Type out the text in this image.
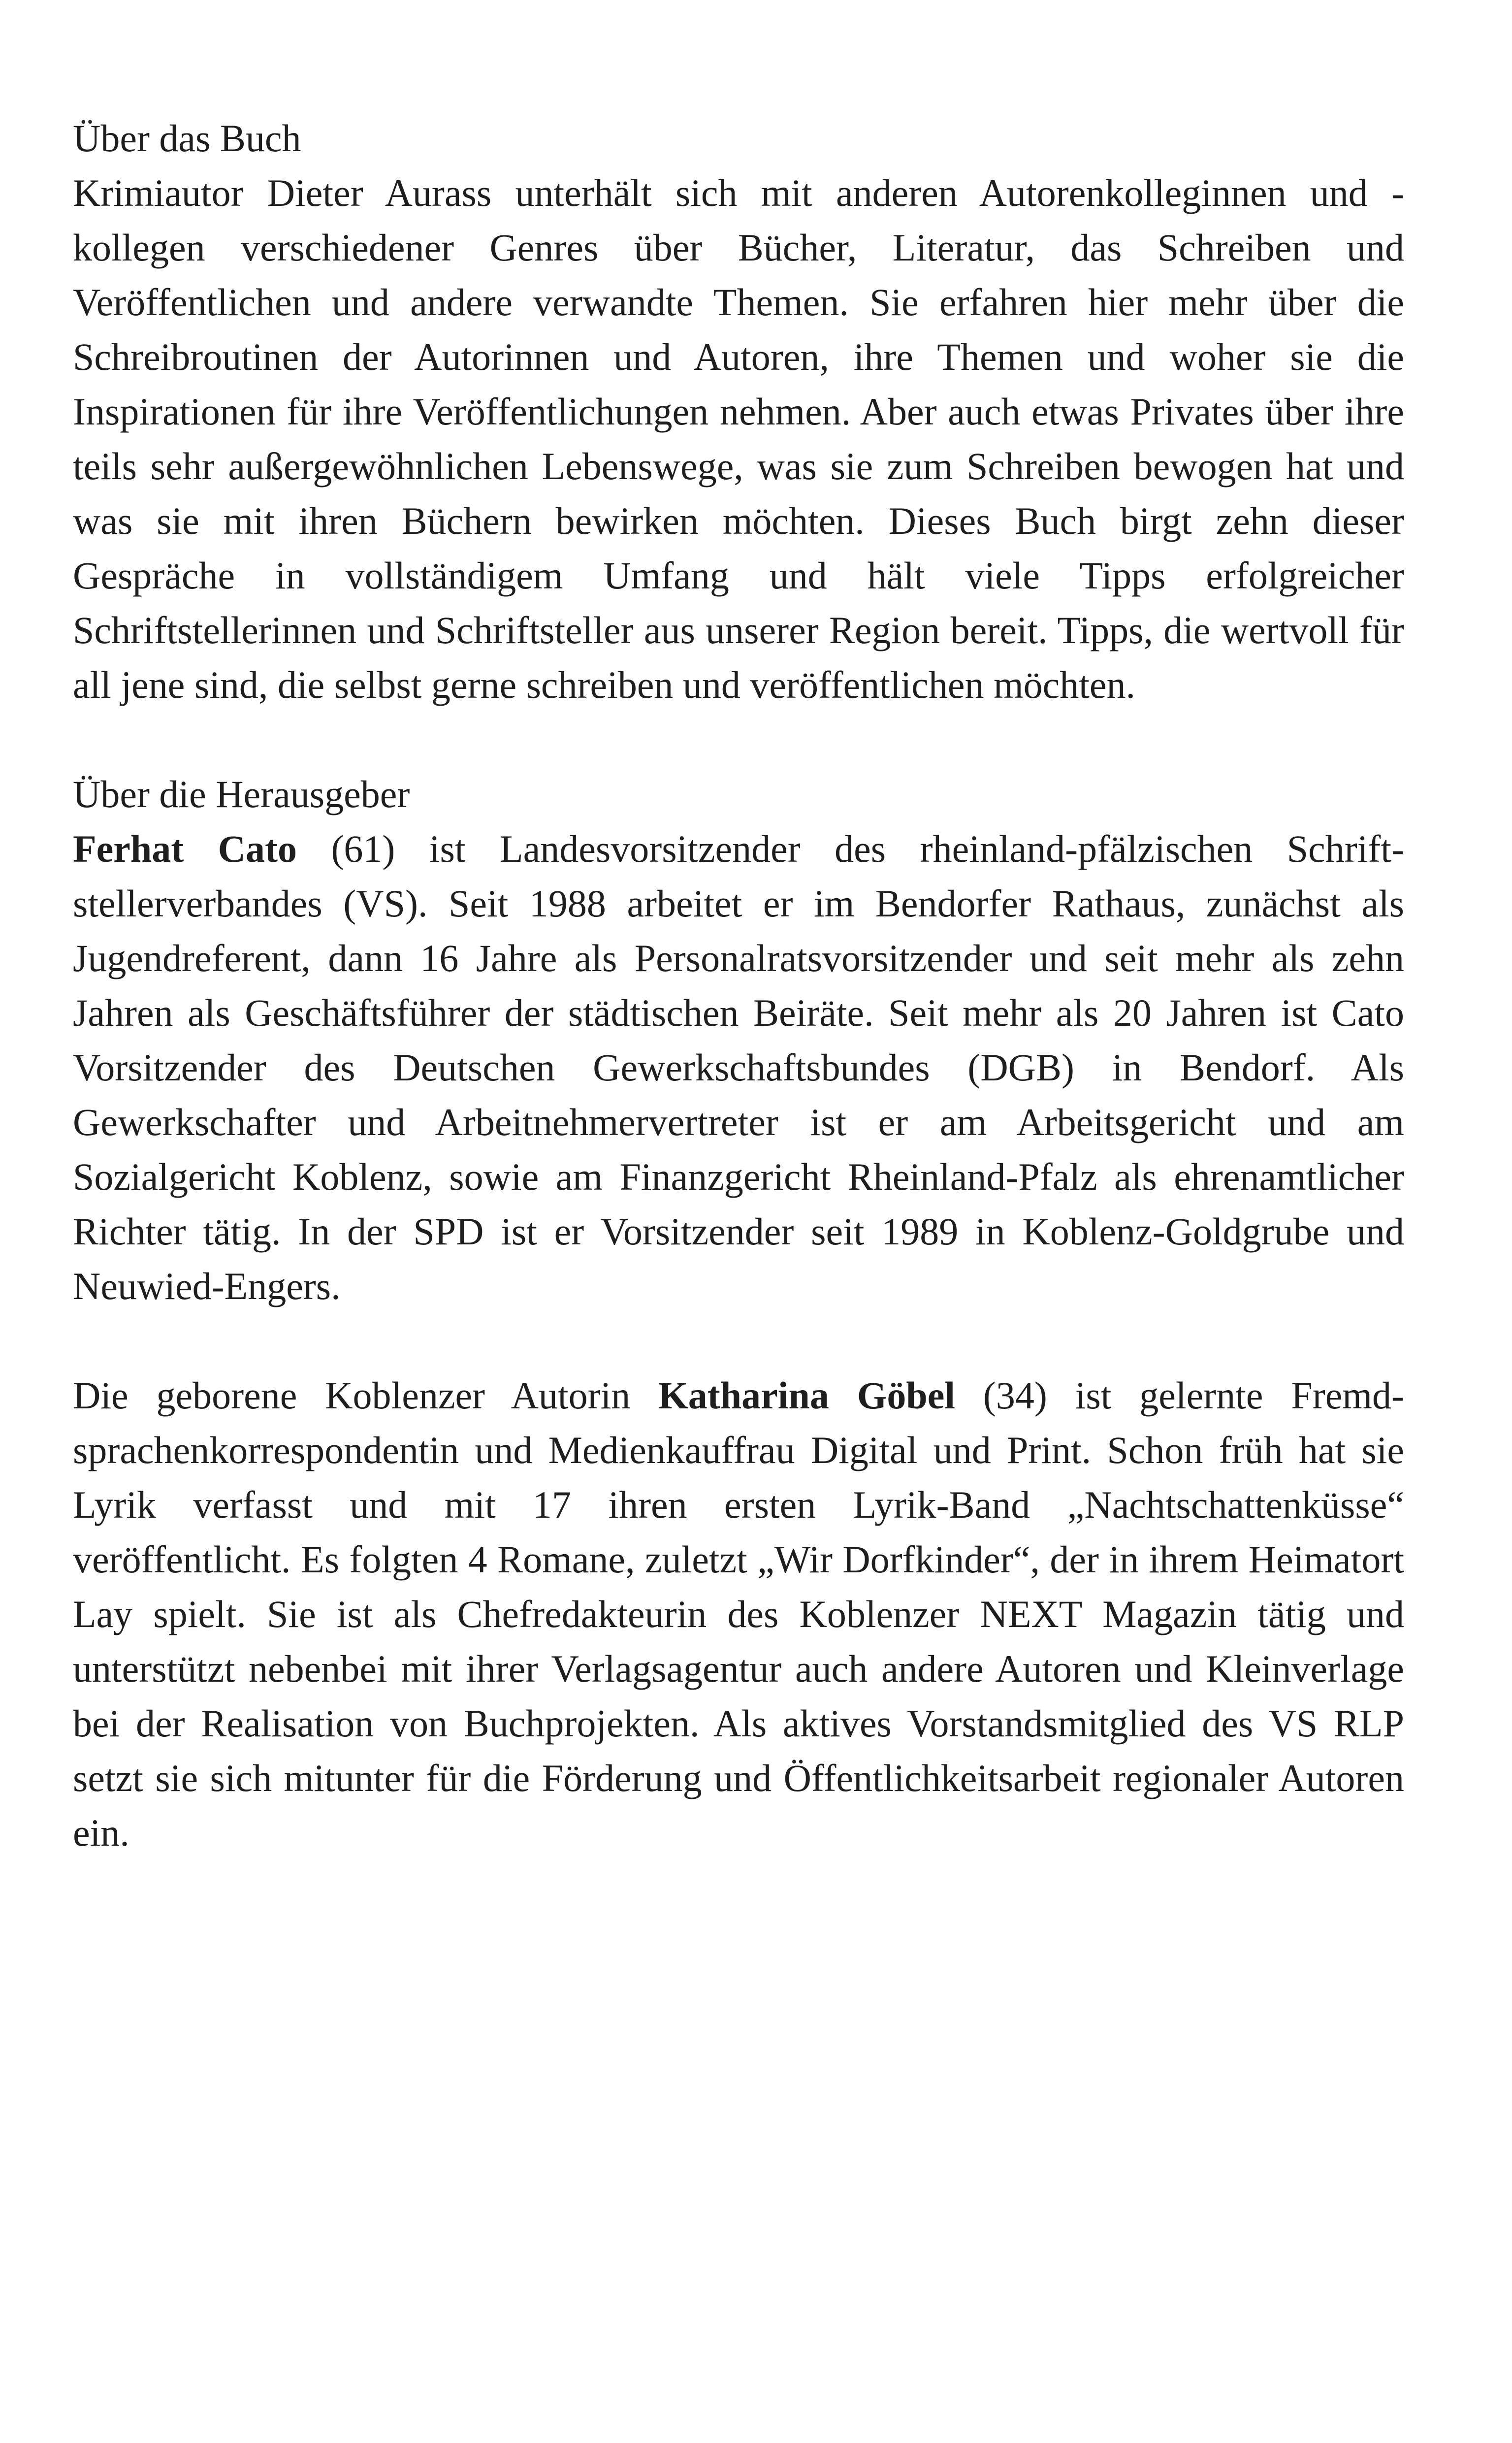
Über das Buch

Krimiautor Dieter Aurass unterhält sich mit anderen Autorenkolleginnen und -kollegen verschiedener Genres über Bücher, Literatur, das Schreiben und Veröffentlichen und andere verwandte Themen. Sie erfahren hier mehr über die Schreibroutinen der Autorinnen und Autoren, ihre Themen und woher sie die Inspirationen für ihre Veröffentlichungen nehmen. Aber auch etwas Privates über ihre teils sehr außergewöhnlichen Lebenswege, was sie zum Schreiben bewogen hat und was sie mit ihren Büchern bewirken möchten. Dieses Buch birgt zehn dieser Gespräche in vollständigem Umfang und hält viele Tipps erfolgreicher Schriftstellerinnen und Schriftsteller aus unserer Region bereit. Tipps, die wertvoll für all jene sind, die selbst gerne schreiben und veröffentlichen möchten.

Über die Herausgeber

Ferhat Cato (61) ist Landesvorsitzender des rheinland-pfälzischen Schriftstellerverbandes (VS). Seit 1988 arbeitet er im Bendorfer Rathaus, zunächst als Jugendreferent, dann 16 Jahre als Personalratsvorsitzender und seit mehr als zehn Jahren als Geschäftsführer der städtischen Beiräte. Seit mehr als 20 Jahren ist Cato Vorsitzender des Deutschen Gewerkschaftsbundes (DGB) in Bendorf. Als Gewerkschafter und Arbeitnehmervertreter ist er am Arbeitsgericht und am Sozialgericht Koblenz, sowie am Finanzgericht Rheinland-Pfalz als ehrenamtlicher Richter tätig. In der SPD ist er Vorsitzender seit 1989 in Koblenz-Goldgrube und Neuwied-Engers.

Die geborene Koblenzer Autorin Katharina Göbel (34) ist gelernte Fremdsprachenkorrespondentin und Medienkauffrau Digital und Print. Schon früh hat sie Lyrik verfasst und mit 17 ihren ersten Lyrik-Band „Nachtschattenküsse“ veröffentlicht. Es folgten 4 Romane, zuletzt „Wir Dorfkinder“, der in ihrem Heimatort Lay spielt. Sie ist als Chefredakteurin des Koblenzer NEXT Magazin tätig und unterstützt nebenbei mit ihrer Verlagsagentur auch andere Autoren und Kleinverlage bei der Realisation von Buchprojekten. Als aktives Vorstandsmitglied des VS RLP setzt sie sich mitunter für die Förderung und Öffentlichkeitsarbeit regionaler Autoren ein.
